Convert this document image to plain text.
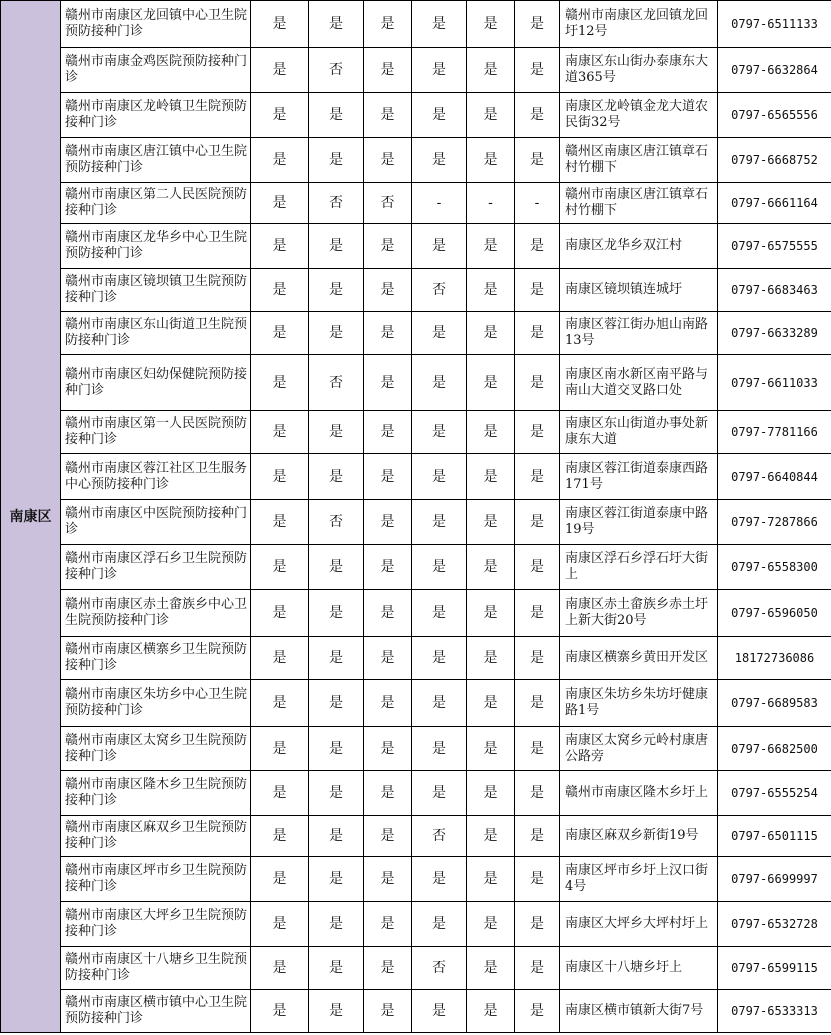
南康区	赣州市南康区龙回镇中心卫生院预防接种门诊	是	是	是	是	是	是	赣州市南康区龙回镇龙回圩12号	0797-6511133
	赣州市南康金鸡医院预防接种门诊	是	否	是	是	是	是	南康区东山街办泰康东大道365号	0797-6632864
	赣州市南康区龙岭镇卫生院预防接种门诊	是	是	是	是	是	是	南康区龙岭镇金龙大道农民街32号	0797-6565556
	赣州市南康区唐江镇中心卫生院预防接种门诊	是	是	是	是	是	是	赣州区南康区唐江镇章石村竹棚下	0797-6668752
	赣州市南康区第二人民医院预防接种门诊	是	否	否	-	-	-	赣州市南康区唐江镇章石村竹棚下	0797-6661164
	赣州市南康区龙华乡中心卫生院预防接种门诊	是	是	是	是	是	是	南康区龙华乡双江村	0797-6575555
	赣州市南康区镜坝镇卫生院预防接种门诊	是	是	是	否	是	是	南康区镜坝镇连城圩	0797-6683463
	赣州市南康区东山街道卫生院预防接种门诊	是	是	是	是	是	是	南康区蓉江街办旭山南路13号	0797-6633289
	赣州市南康区妇幼保健院预防接种门诊	是	否	是	是	是	是	南康区南水新区南平路与南山大道交叉路口处	0797-6611033
	赣州市南康区第一人民医院预防接种门诊	是	是	是	是	是	是	南康区东山街道办事处新康东大道	0797-7781166
	赣州市南康区蓉江社区卫生服务中心预防接种门诊	是	是	是	是	是	是	南康区蓉江街道泰康西路171号	0797-6640844
	赣州市南康区中医院预防接种门诊	是	否	是	是	是	是	南康区蓉江街道泰康中路19号	0797-7287866
	赣州市南康区浮石乡卫生院预防接种门诊	是	是	是	是	是	是	南康区浮石乡浮石圩大街上	0797-6558300
	赣州市南康区赤土畲族乡中心卫生院预防接种门诊	是	是	是	是	是	是	南康区赤土畲族乡赤土圩上新大街20号	0797-6596050
	赣州市南康区横寨乡卫生院预防接种门诊	是	是	是	是	是	是	南康区横寨乡黄田开发区	18172736086
	赣州市南康区朱坊乡中心卫生院预防接种门诊	是	是	是	是	是	是	南康区朱坊乡朱坊圩健康路1号	0797-6689583
	赣州市南康区太窝乡卫生院预防接种门诊	是	是	是	是	是	是	南康区太窝乡元岭村康唐公路旁	0797-6682500
	赣州市南康区隆木乡卫生院预防接种门诊	是	是	是	是	是	是	赣州市南康区隆木乡圩上	0797-6555254
	赣州市南康区麻双乡卫生院预防接种门诊	是	是	是	否	是	是	南康区麻双乡新街19号	0797-6501115
	赣州市南康区坪市乡卫生院预防接种门诊	是	是	是	是	是	是	南康区坪市乡圩上汉口街4号	0797-6699997
	赣州市南康区大坪乡卫生院预防接种门诊	是	是	是	是	是	是	南康区大坪乡大坪村圩上	0797-6532728
	赣州市南康区十八塘乡卫生院预防接种门诊	是	是	是	否	是	是	南康区十八塘乡圩上	0797-6599115
	赣州市南康区横市镇中心卫生院预防接种门诊	是	是	是	是	是	是	南康区横市镇新大街7号	0797-6533313
